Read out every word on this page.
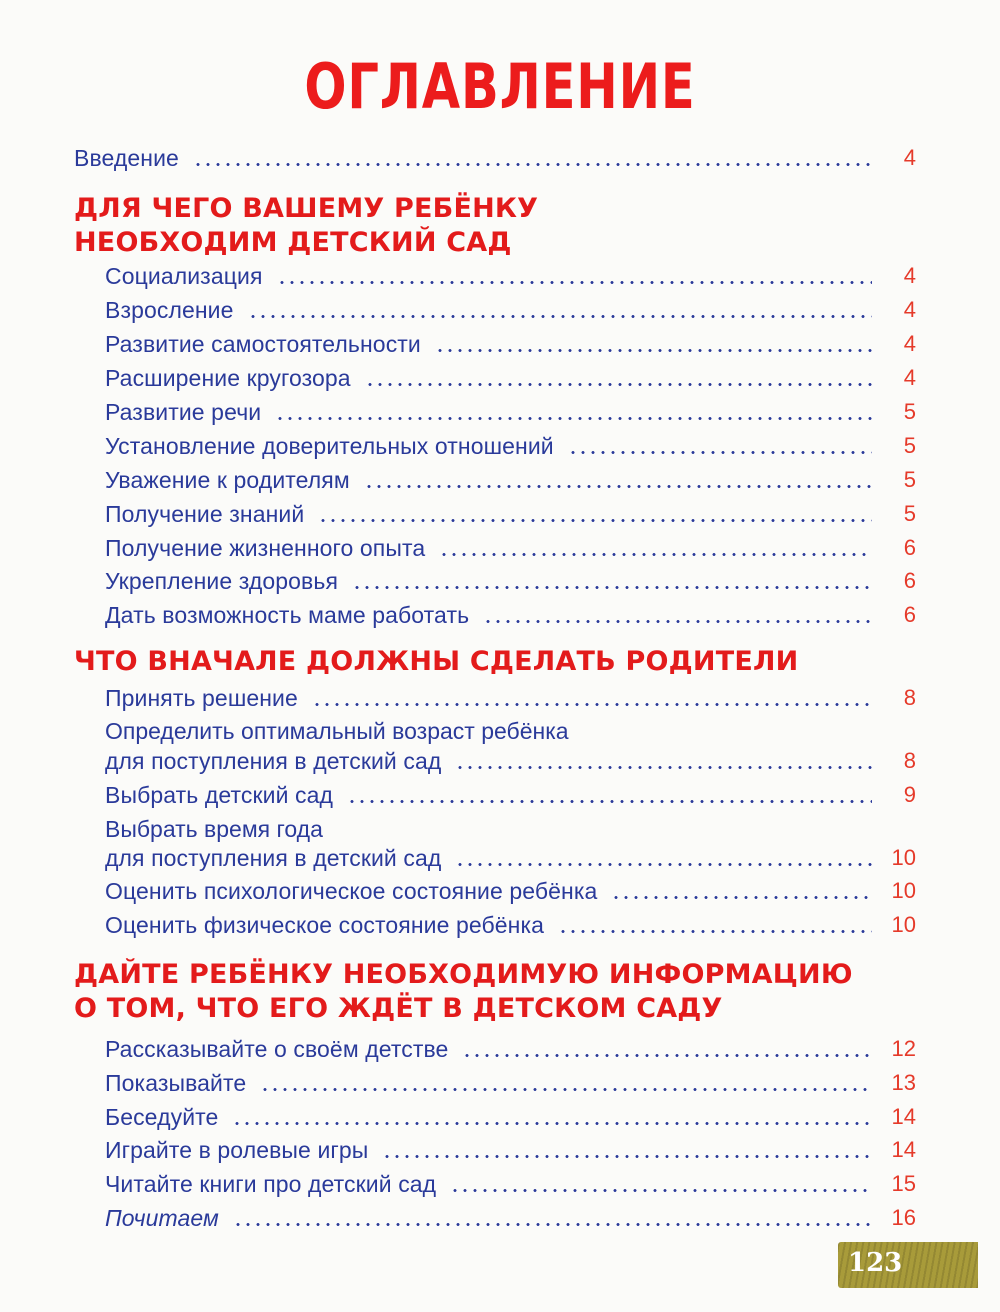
ОГЛАВЛЕНИЕ
Введение	4
ДЛЯ ЧЕГО ВАШЕМУ РЕБЁНКУ
НЕОБХОДИМ ДЕТСКИЙ САД
Социализация	4
Взросление	4
Развитие самостоятельности	4
Расширение кругозора	4
Развитие речи	5
Установление доверительных отношений	5
Уважение к родителям	5
Получение знаний	5
Получение жизненного опыта	6
Укрепление здоровья	6
Дать возможность маме работать	6
ЧТО ВНАЧАЛЕ ДОЛЖНЫ СДЕЛАТЬ РОДИТЕЛИ
Принять решение	8
Определить оптимальный возраст ребёнка
для поступления в детский сад	8
Выбрать детский сад	9
Выбрать время года
для поступления в детский сад	10
Оценить психологическое состояние ребёнка	10
Оценить физическое состояние ребёнка	10
ДАЙТЕ РЕБЁНКУ НЕОБХОДИМУЮ ИНФОРМАЦИЮ
О ТОМ, ЧТО ЕГО ЖДЁТ В ДЕТСКОМ САДУ
Рассказывайте о своём детстве	12
Показывайте	13
Беседуйте	14
Играйте в ролевые игры	14
Читайте книги про детский сад	15
Почитаем	16
123
